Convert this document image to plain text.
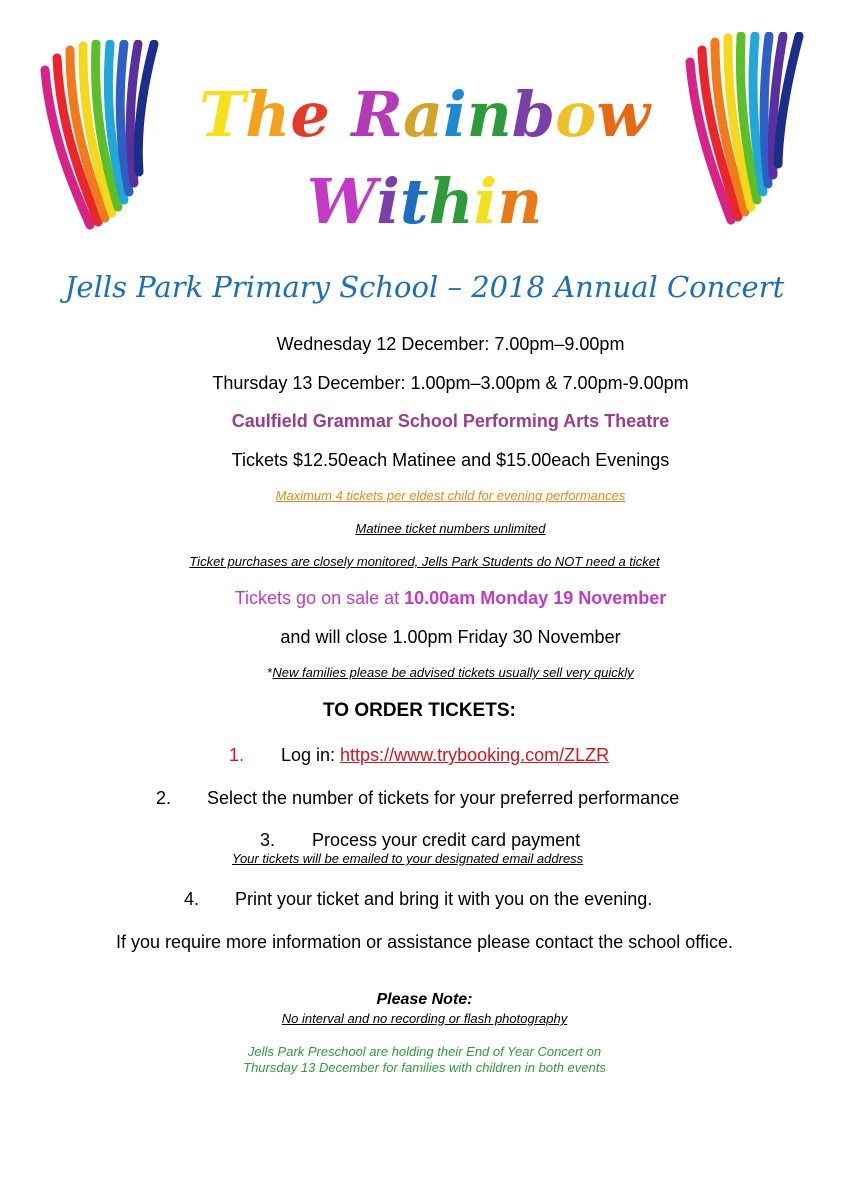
The Rainbow
Within
Jells Park Primary School – 2018 Annual Concert
Wednesday 12 December: 7.00pm–9.00pm
Thursday 13 December: 1.00pm–3.00pm & 7.00pm-9.00pm
Caulfield Grammar School Performing Arts Theatre
Tickets $12.50each Matinee and $15.00each Evenings
Maximum 4 tickets per eldest child for evening performances
Matinee ticket numbers unlimited
Ticket purchases are closely monitored, Jells Park Students do NOT need a ticket
Tickets go on sale at 10.00am Monday 19 November
and will close 1.00pm Friday 30 November
*New families please be advised tickets usually sell very quickly
TO ORDER TICKETS:
1. Log in: https://www.trybooking.com/ZLZR
2. Select the number of tickets for your preferred performance
3. Process your credit card payment
Your tickets will be emailed to your designated email address
4. Print your ticket and bring it with you on the evening.
If you require more information or assistance please contact the school office.
Please Note:
No interval and no recording or flash photography
Jells Park Preschool are holding their End of Year Concert on
Thursday 13 December for families with children in both events
